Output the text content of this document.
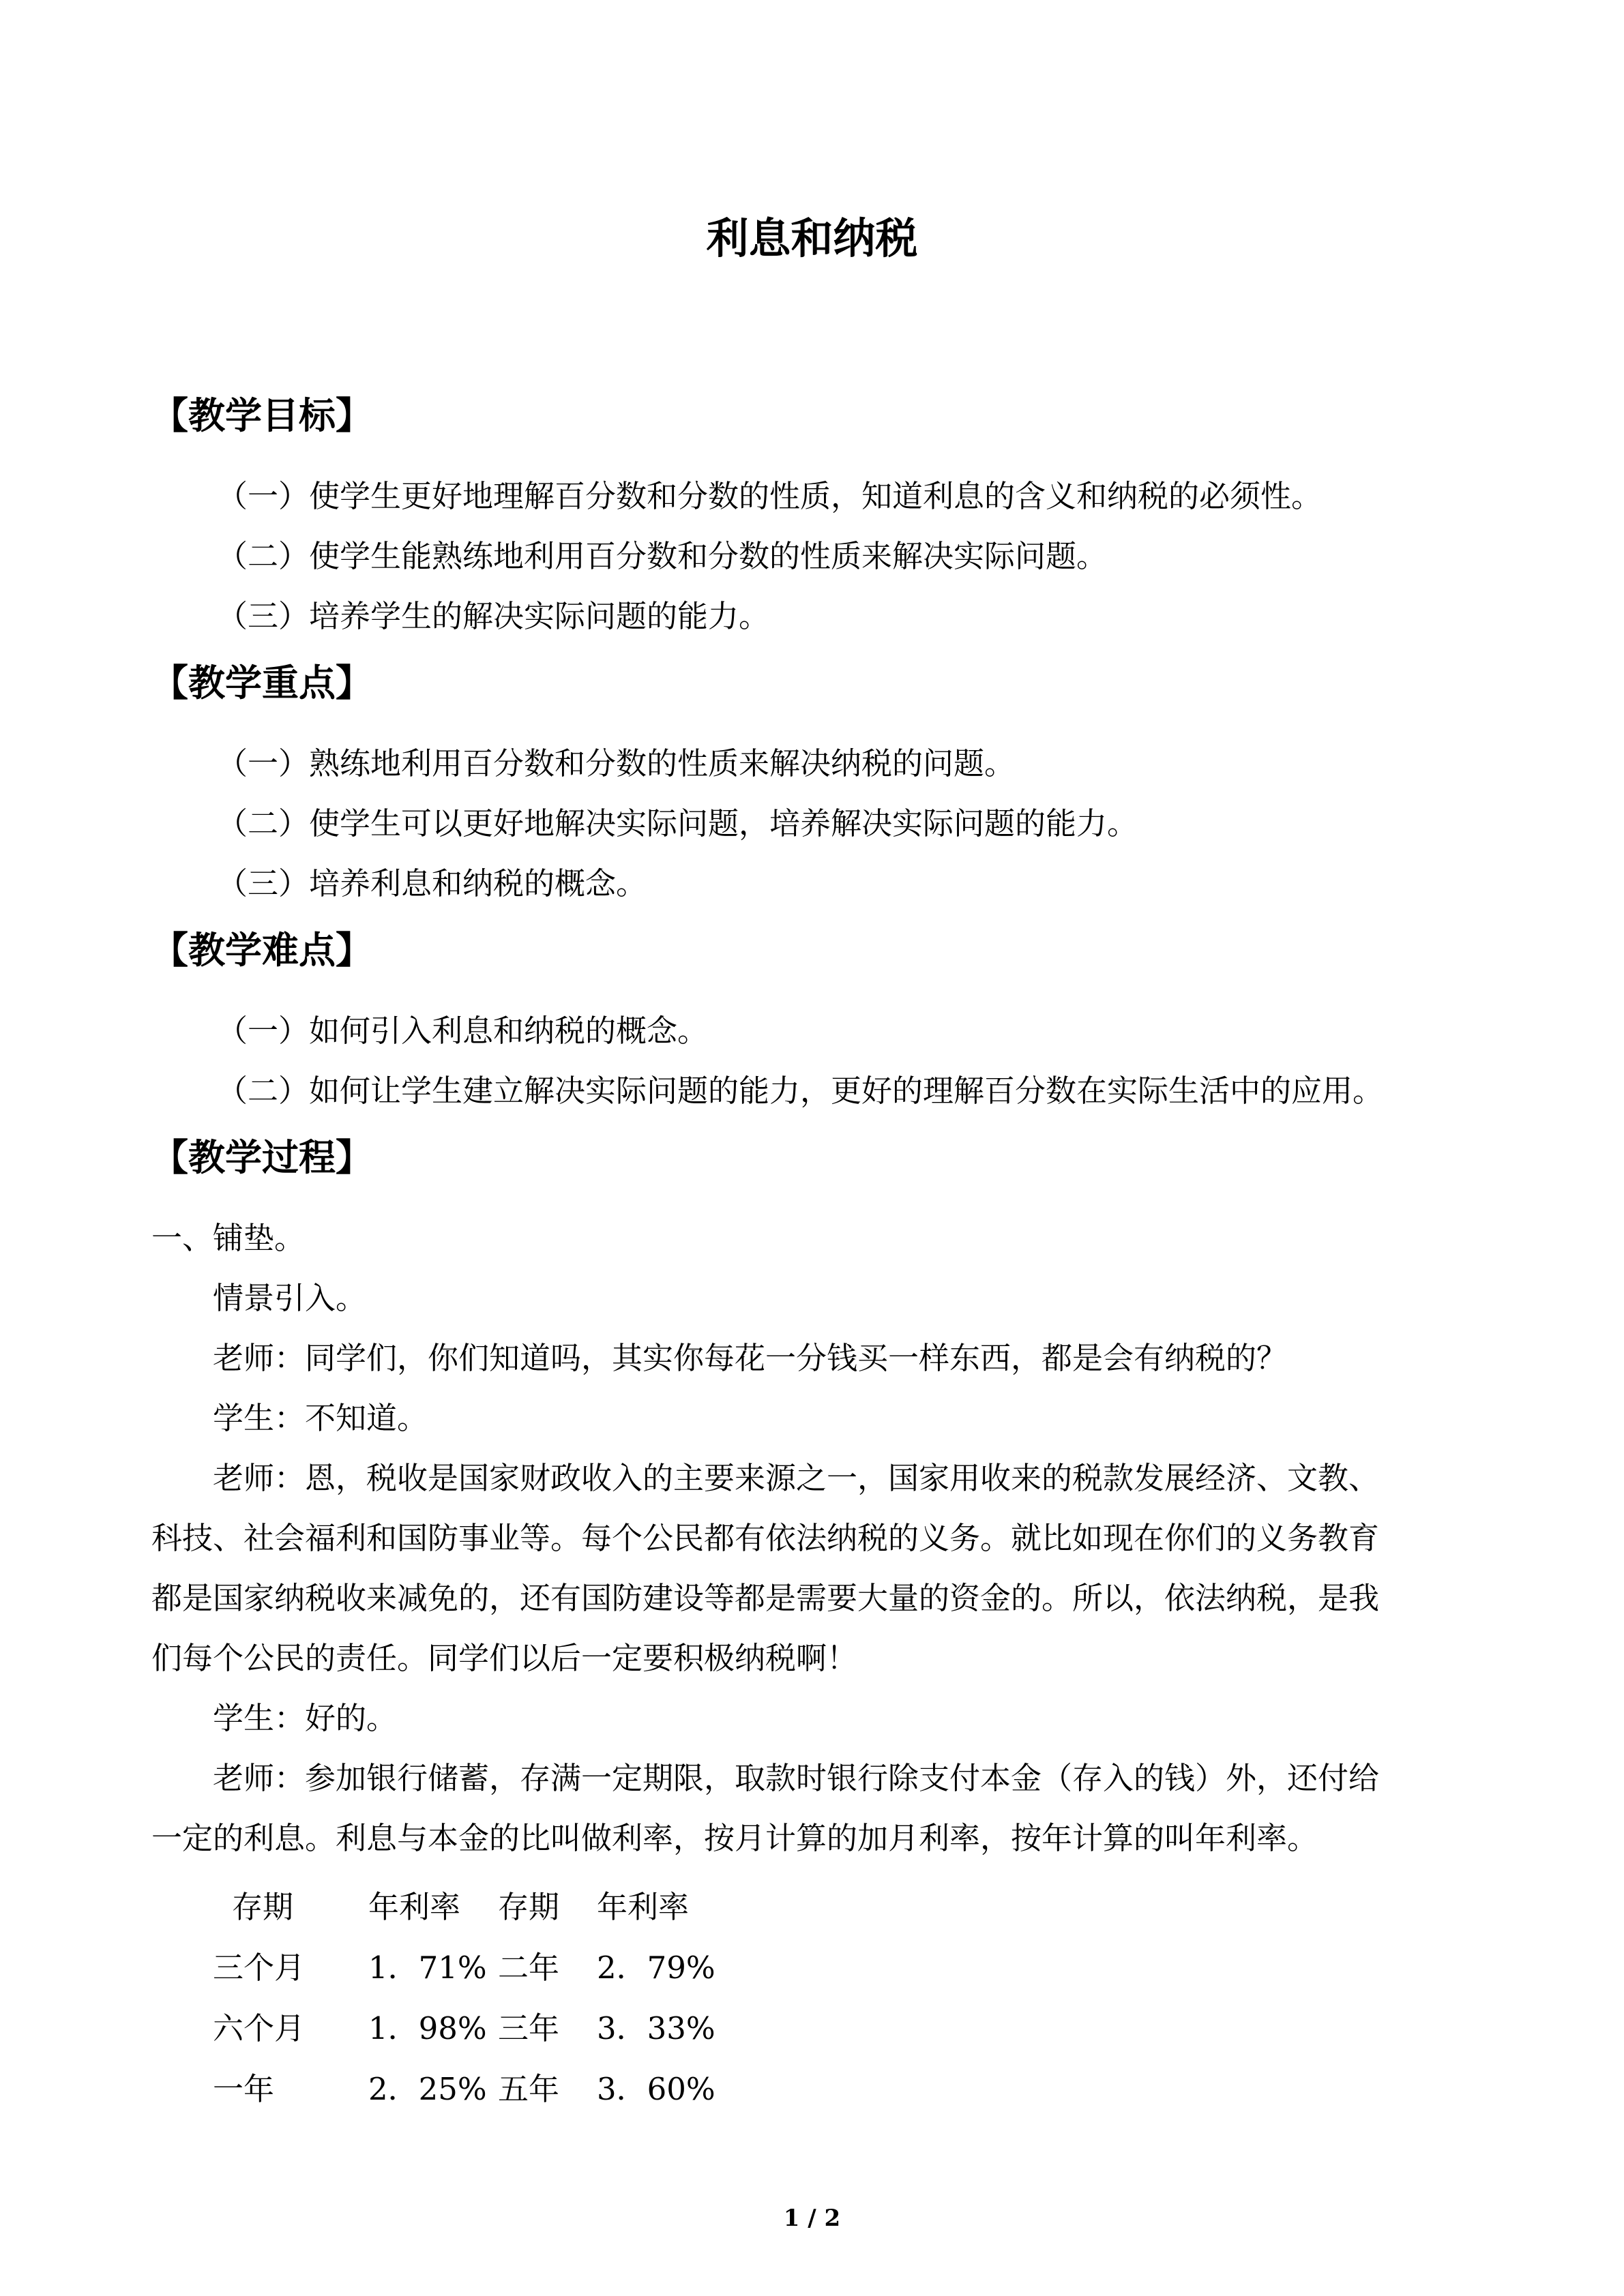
利息和纳税
【教学目标】
（一）使学生更好地理解百分数和分数的性质，知道利息的含义和纳税的必须性。
（二）使学生能熟练地利用百分数和分数的性质来解决实际问题。
（三）培养学生的解决实际问题的能力。
【教学重点】
（一）熟练地利用百分数和分数的性质来解决纳税的问题。
（二）使学生可以更好地解决实际问题，培养解决实际问题的能力。
（三）培养利息和纳税的概念。
【教学难点】
（一）如何引入利息和纳税的概念。
（二）如何让学生建立解决实际问题的能力，更好的理解百分数在实际生活中的应用。
【教学过程】
一、铺垫。
情景引入。
老师：同学们，你们知道吗，其实你每花一分钱买一样东西，都是会有纳税的？
学生：不知道。
老师：恩，税收是国家财政收入的主要来源之一，国家用收来的税款发展经济、文教、
科技、社会福利和国防事业等。每个公民都有依法纳税的义务。就比如现在你们的义务教育
都是国家纳税收来减免的，还有国防建设等都是需要大量的资金的。所以，依法纳税，是我
们每个公民的责任。同学们以后一定要积极纳税啊！
学生：好的。
老师：参加银行储蓄，存满一定期限，取款时银行除支付本金（存入的钱）外，还付给
一定的利息。利息与本金的比叫做利率，按月计算的加月利率，按年计算的叫年利率。
存期	年利率	存期	年利率
三个月	1．71%	二年	2．79%
六个月	1．98%	三年	3．33%
一年	2．25%	五年	3．60%
1 / 2
